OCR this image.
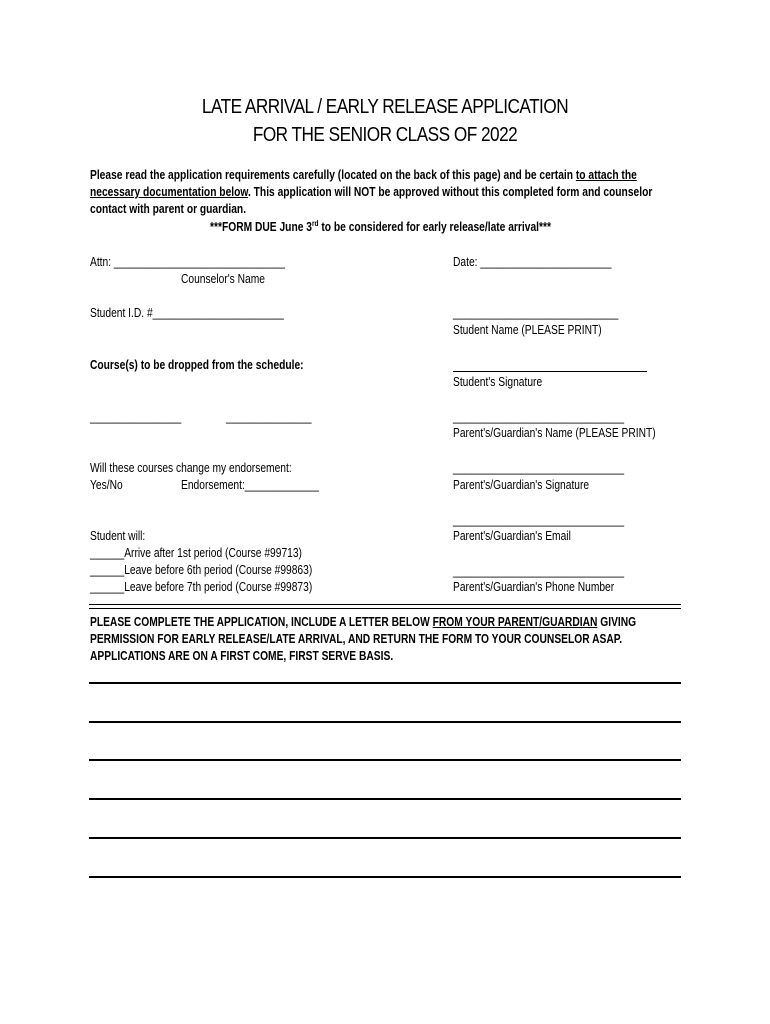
LATE ARRIVAL / EARLY RELEASE APPLICATION
FOR THE SENIOR CLASS OF 2022
Please read the application requirements carefully (located on the back of this page) and be certain to attach the
necessary documentation below. This application will NOT be approved without this completed form and counselor
contact with parent or guardian.
***FORM DUE June 3rd to be considered for early release/late arrival***
Attn: ______________________________
Counselor's Name
Student I.D. #_______________________
Course(s) to be dropped from the schedule:
________________	_______________
Will these courses change my endorsement:
Yes/No	Endorsement:_____________
Student will:
______Arrive after 1st period (Course #99713)
______Leave before 6th period (Course #99863)
______Leave before 7th period (Course #99873)
Date: _______________________
_____________________________
Student Name (PLEASE PRINT)
Student's Signature
______________________________
Parent's/Guardian's Name (PLEASE PRINT)
______________________________
Parent's/Guardian's Signature
______________________________
Parent's/Guardian's Email
______________________________
Parent's/Guardian's Phone Number
PLEASE COMPLETE THE APPLICATION, INCLUDE A LETTER BELOW FROM YOUR PARENT/GUARDIAN GIVING
PERMISSION FOR EARLY RELEASE/LATE ARRIVAL, AND RETURN THE FORM TO YOUR COUNSELOR ASAP.
APPLICATIONS ARE ON A FIRST COME, FIRST SERVE BASIS.
